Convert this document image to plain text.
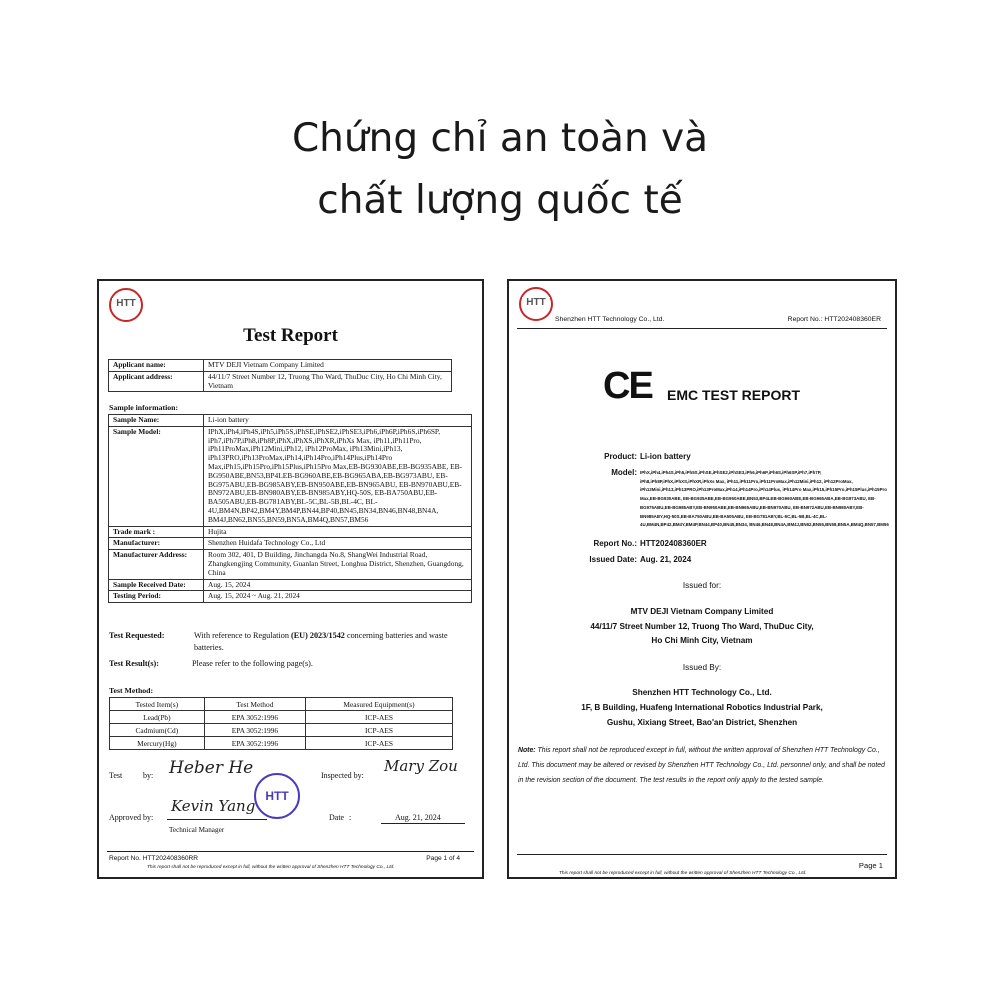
Chứng chỉ an toàn và
chất lượng quốc tế
HTT
Test Report
Applicant name:	MTV DEJI Vietnam Company Limited
Applicant address:	44/11/7 Street Number 12, Truong Tho Ward, ThuDuc City, Ho Chi Minh City, Vietnam
Sample information:
Sample Name:	Li-ion battery
Sample Model:	IPhX,iPh4,iPh4S,iPh5,iPh5S,iPhSE,iPhSE2,iPhSE3,iPh6,iPh6P,iPh6S,iPh6SP, iPh7,iPh7P,iPh8,iPh8P,iPhX,iPhXS,iPhXR,iPhXs Max, iPh11,iPh11Pro, iPh11ProMax,iPh12Mini,iPh12, iPh12ProMax, iPh13Mini,iPh13, iPh13PRO,iPh13ProMax,iPh14,iPh14Pro,iPh14Plus,iPh14Pro Max,iPh15,iPh15Pro,iPh15Plus,iPh15Pro Max,EB-BG930ABE,EB-BG935ABE, EB-BG950ABE,BN53,BP4LEB-BG960ABE,EB-BG965ABA,EB-BG973ABU, EB-BG975ABU,EB-BG985ABY,EB-BN950ABE,EB-BN965ABU, EB-BN970ABU,EB-BN972ABU,EB-BN980ABY,EB-BN985ABY,HQ-50S, EB-BA750ABU,EB-BA505ABU,EB-BG781ABY,BL-5C,BL-5B,BL-4C, BL-4U,BM4N,BP42,BM4Y,BM4P,BN44,BP40,BN45,BN34,BN46,BN48,BN4A, BM4J,BN62,BN55,BN59,BN5A,BM4Q,BN57,BM56
Trade mark :	Hujita
Manufacturer:	Shenzhen Huidafa Technology Co., Ltd
Manufacturer Address:	Room 302, 401, D Building, Jinchangda No.8, ShangWei Industrial Road, Zhangkengjing Community, Guanlan Street, Longhua District, Shenzhen, Guangdong, China
Sample Received Date:	Aug. 15, 2024
Testing Period:	Aug. 15, 2024 ~ Aug. 21, 2024
Test Requested:	With reference to Regulation (EU) 2023/1542 concerning batteries and waste batteries.
Test Result(s):	Please refer to the following page(s).
Test Method:
Tested Item(s)	Test Method	Measured Equipment(s)
Lead(Pb)	EPA 3052:1996	ICP-AES
Cadmium(Cd)	EPA 3052:1996	ICP-AES
Mercury(Hg)	EPA 3052:1996	ICP-AES
Test	by: Heber He	Inspected by:
Mary Zou
Approved by:
Kevin Yang
Technical Manager
HTT
Date :	Aug. 21, 2024
Report No. HTT202408360RR	Page 1 of 4
This report shall not be reproduced except in full, without the written approval of Shenzhen HTT Technology Co., Ltd.
HTT
Shenzhen HTT Technology Co., Ltd.	Report No.: HTT202408360ER
CE EMC TEST REPORT
Product: Li-ion battery
Model: IPhX,iPh4,iPh4S,iPh5,iPh5S,iPhSE,iPhSE2,iPhSE3,iPh6,iPh6P,iPh6S,iPh6SP,iPh7,iPh7P, iPh8,iPh8P,iPhX,iPhXS,iPhXR,iPhXs Max, iPh11,iPh11Pro,iPh11ProMax,iPh12Mini,iPh12, iPh12ProMax, iPh13Mini,iPh13,iPh13PRO,iPh13ProMax,iPh14,iPh14Pro,iPh14Plus, iPh14Pro Max,iPh15,iPh15Pro,iPh15Plus,iPh15Pro Max,EB-BG930ABE, EB-BG935ABE,EB-BG950ABE,BN53,BP4LEB-BG960ABE,EB-BG965ABA,EB-BG973ABU, EB-BG975ABU,EB-BG985ABY,EB-BN950ABE,EB-BN965ABU,EB-BN970ABU, EB-BN972ABU,EB-BN980ABY,EB-BN985ABY,HQ-50S,EB-BA750ABU,EB-BA505ABU, EB-BG781ABY,BL-5C,BL-5B,BL-4C,BL-4U,BM4N,BP42,BM4Y,BM4P,BN44,BP40,BN45,BN34, BN46,BN48,BN4A,BM4J,BN62,BN55,BN59,BN5A,BM4Q,BN57,BM56
Report No.: HTT202408360ER
Issued Date: Aug. 21, 2024
Issued for:
MTV DEJI Vietnam Company Limited
44/11/7 Street Number 12, Truong Tho Ward, ThuDuc City,
Ho Chi Minh City, Vietnam
Issued By:
Shenzhen HTT Technology Co., Ltd.
1F, B Building, Huafeng International Robotics Industrial Park,
Gushu, Xixiang Street, Bao'an District, Shenzhen
Note: This report shall not be reproduced except in full, without the written approval of Shenzhen HTT Technology Co., Ltd. This document may be altered or revised by Shenzhen HTT Technology Co., Ltd. personnel only, and shall be noted in the revision section of the document. The test results in the report only apply to the tested sample.
Page 1
This report shall not be reproduced except in full, without the written approval of Shenzhen HTT Technology Co., Ltd.
